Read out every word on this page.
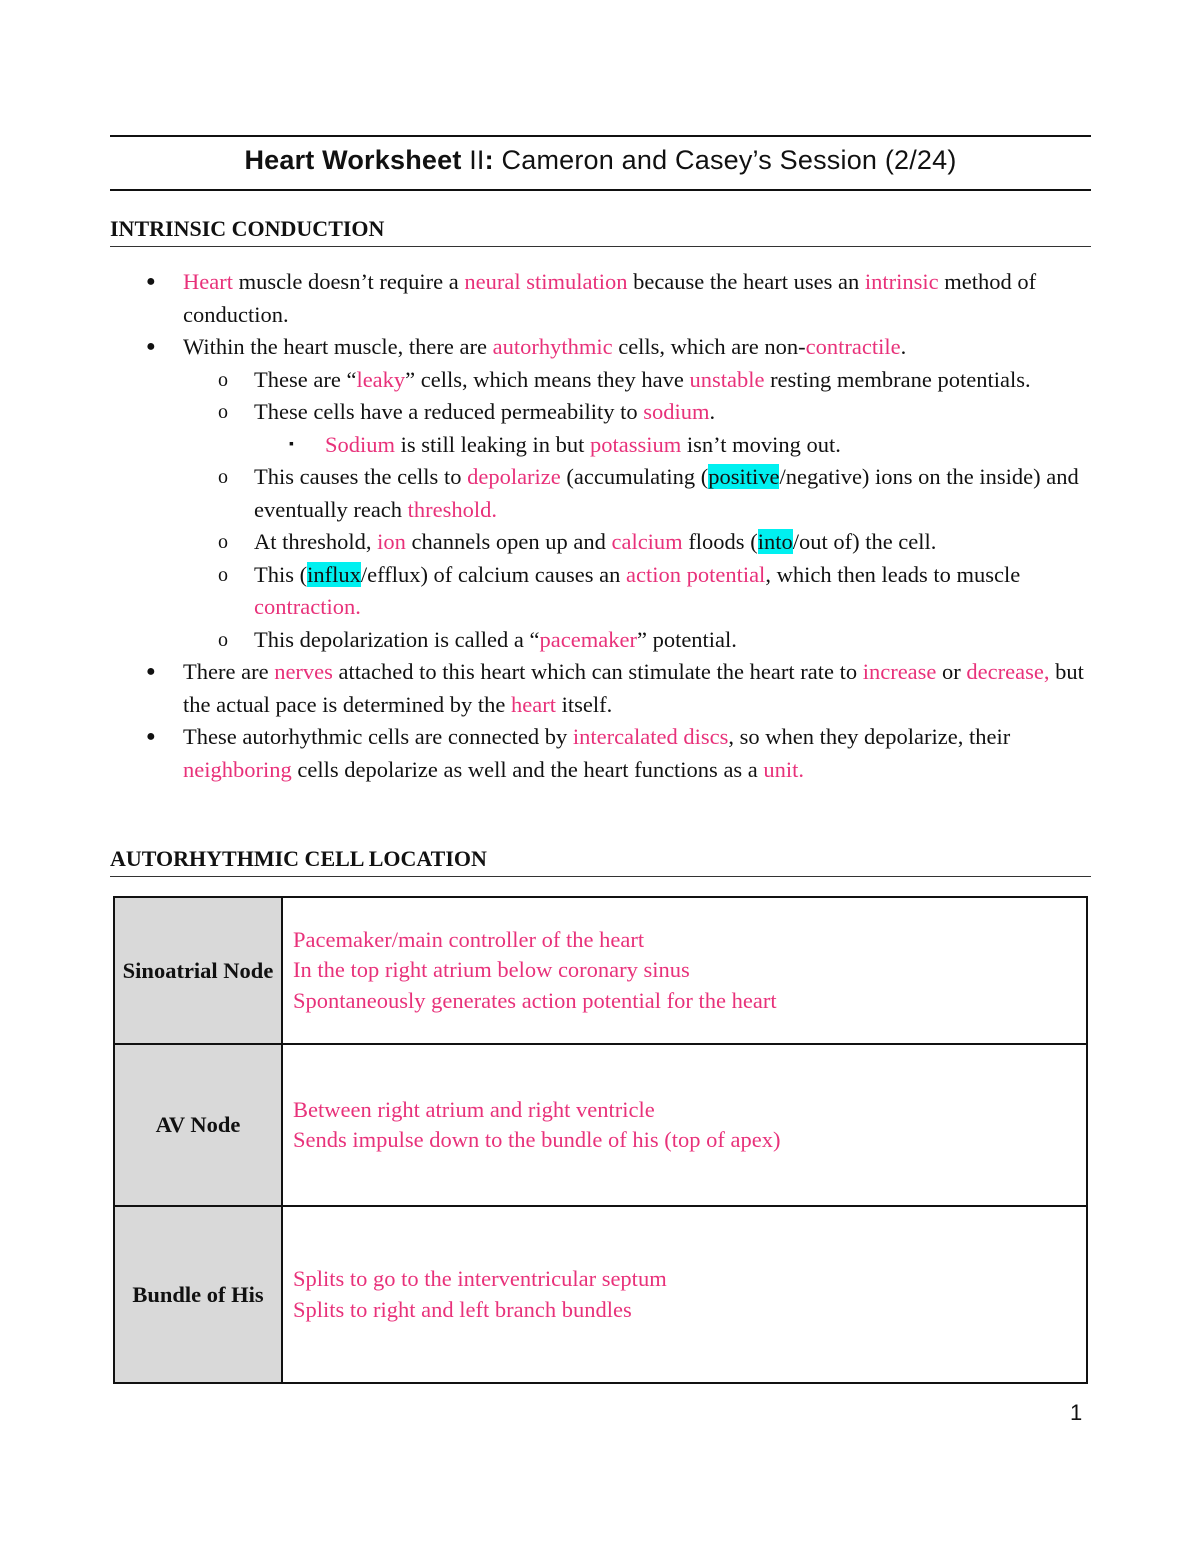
Heart Worksheet II: Cameron and Casey’s Session (2/24)
INTRINSIC CONDUCTION
● Heart muscle doesn’t require a neural stimulation because the heart uses an intrinsic method of conduction.
● Within the heart muscle, there are autorhythmic cells, which are non-contractile.
o These are “leaky” cells, which means they have unstable resting membrane potentials.
o These cells have a reduced permeability to sodium.
▪ Sodium is still leaking in but potassium isn’t moving out.
o This causes the cells to depolarize (accumulating (positive/negative) ions on the inside) and eventually reach threshold.
o At threshold, ion channels open up and calcium floods (into/out of) the cell.
o This (influx/efflux) of calcium causes an action potential, which then leads to muscle contraction.
o This depolarization is called a “pacemaker” potential.
● There are nerves attached to this heart which can stimulate the heart rate to increase or decrease, but the actual pace is determined by the heart itself.
● These autorhythmic cells are connected by intercalated discs, so when they depolarize, their neighboring cells depolarize as well and the heart functions as a unit.
AUTORHYTHMIC CELL LOCATION
Sinoatrial Node	Pacemaker/main controller of the heart
In the top right atrium below coronary sinus
Spontaneously generates action potential for the heart

AV Node	Between right atrium and right ventricle
Sends impulse down to the bundle of his (top of apex)

Bundle of His	Splits to go to the interventricular septum
Splits to right and left branch bundles
1
